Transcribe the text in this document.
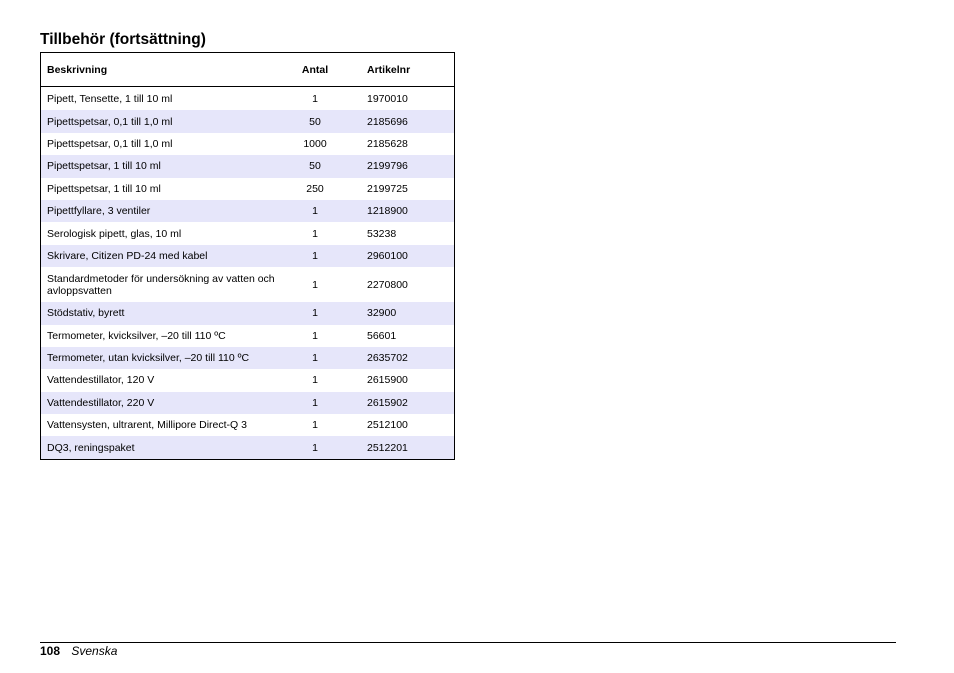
Tillbehör (fortsättning)
Beskrivning	Antal	Artikelnr
Pipett, Tensette, 1 till 10 ml	1	1970010
Pipettspetsar, 0,1 till 1,0 ml	50	2185696
Pipettspetsar, 0,1 till 1,0 ml	1000	2185628
Pipettspetsar, 1 till 10 ml	50	2199796
Pipettspetsar, 1 till 10 ml	250	2199725
Pipettfyllare, 3 ventiler	1	1218900
Serologisk pipett, glas, 10 ml	1	53238
Skrivare, Citizen PD-24 med kabel	1	2960100
Standardmetoder för undersökning av vatten och avloppsvatten	1	2270800
Stödstativ, byrett	1	32900
Termometer, kvicksilver, –20 till 110 ºC	1	56601
Termometer, utan kvicksilver, –20 till 110 ºC	1	2635702
Vattendestillator, 120 V	1	2615900
Vattendestillator, 220 V	1	2615902
Vattensysten, ultrarent, Millipore Direct-Q 3	1	2512100
DQ3, reningspaket	1	2512201
108 Svenska
